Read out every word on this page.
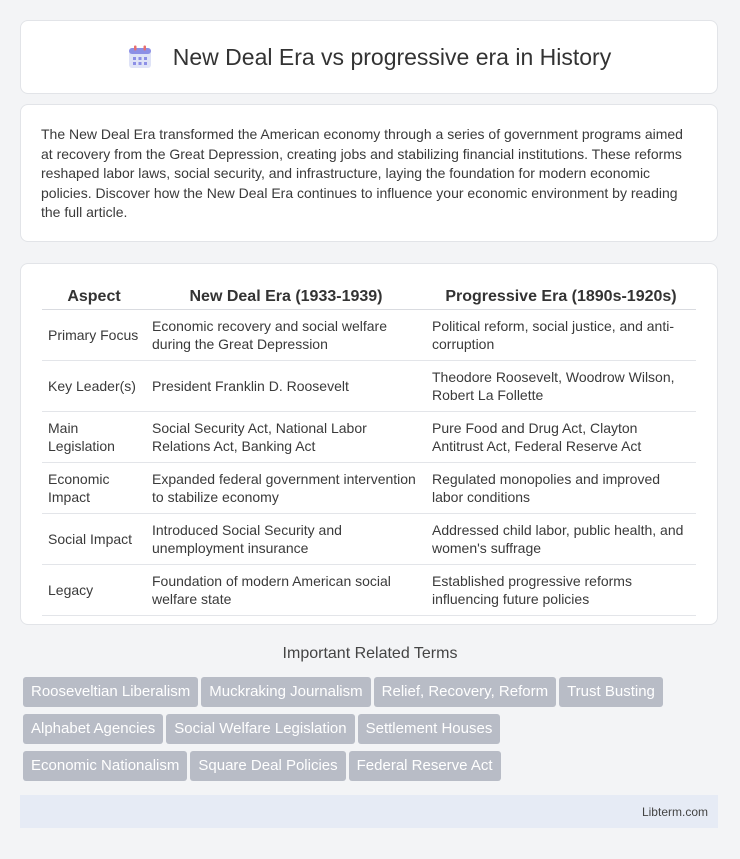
New Deal Era vs progressive era in History

The New Deal Era transformed the American economy through a series of government programs aimed at recovery from the Great Depression, creating jobs and stabilizing financial institutions. These reforms reshaped labor laws, social security, and infrastructure, laying the foundation for modern economic policies. Discover how the New Deal Era continues to influence your economic environment by reading the full article.

Aspect	New Deal Era (1933-1939)	Progressive Era (1890s-1920s)
Primary Focus	Economic recovery and social welfare during the Great Depression	Political reform, social justice, and anti-corruption
Key Leader(s)	President Franklin D. Roosevelt	Theodore Roosevelt, Woodrow Wilson, Robert La Follette
Main Legislation	Social Security Act, National Labor Relations Act, Banking Act	Pure Food and Drug Act, Clayton Antitrust Act, Federal Reserve Act
Economic Impact	Expanded federal government intervention to stabilize economy	Regulated monopolies and improved labor conditions
Social Impact	Introduced Social Security and unemployment insurance	Addressed child labor, public health, and women's suffrage
Legacy	Foundation of modern American social welfare state	Established progressive reforms influencing future policies
Important Related Terms
Rooseveltian Liberalism Muckraking Journalism Relief, Recovery, Reform Trust Busting
Alphabet Agencies Social Welfare Legislation Settlement Houses
Economic Nationalism Square Deal Policies Federal Reserve Act
Libterm.com
